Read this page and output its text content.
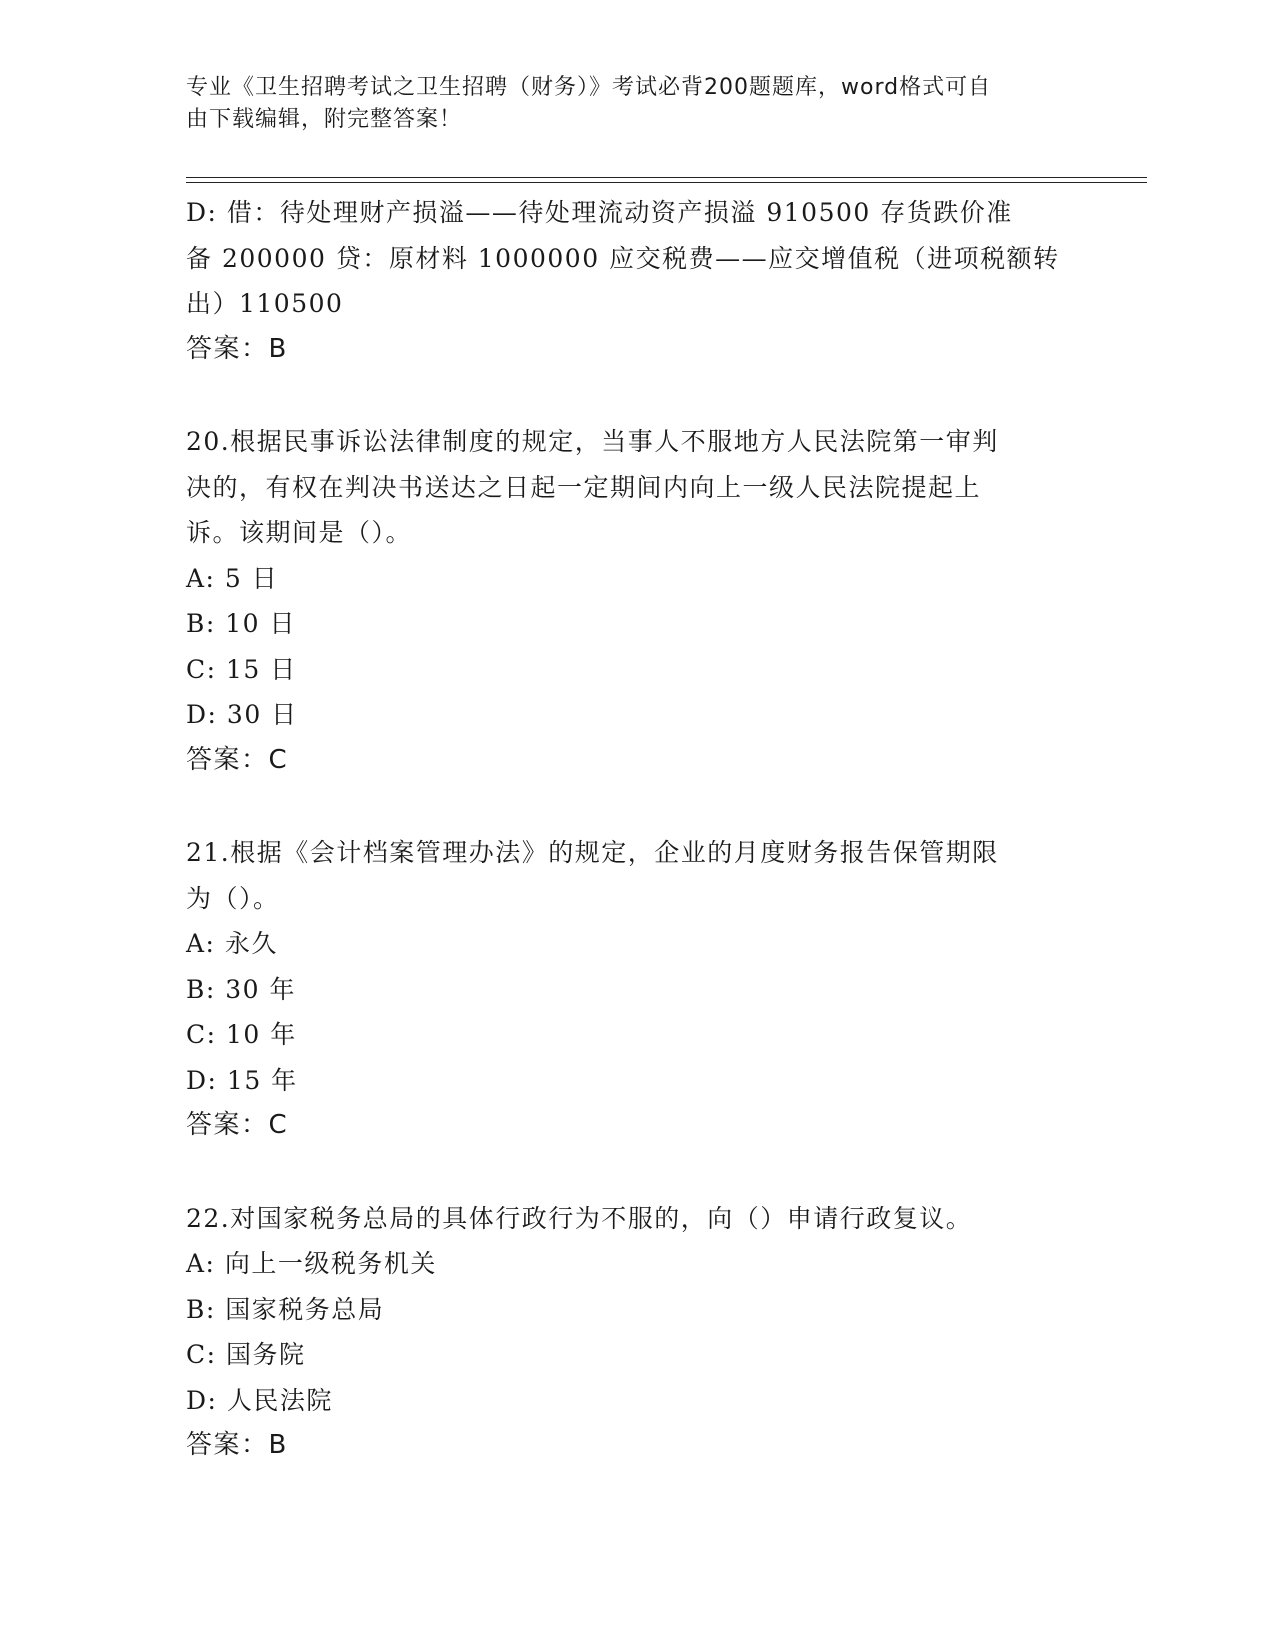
专业《卫生招聘考试之卫生招聘（财务）》考试必背200题题库，word格式可自
由下载编辑，附完整答案！
D: 借：待处理财产损溢——待处理流动资产损溢 910500 存货跌价准
备 200000 贷：原材料 1000000 应交税费——应交增值税（进项税额转
出）110500
答案：B
20.根据民事诉讼法律制度的规定，当事人不服地方人民法院第一审判
决的，有权在判决书送达之日起一定期间内向上一级人民法院提起上
诉。该期间是（）。
A: 5 日
B: 10 日
C: 15 日
D: 30 日
答案：C
21.根据《会计档案管理办法》的规定，企业的月度财务报告保管期限
为（）。
A: 永久
B: 30 年
C: 10 年
D: 15 年
答案：C
22.对国家税务总局的具体行政行为不服的，向（）申请行政复议。
A: 向上一级税务机关
B: 国家税务总局
C: 国务院
D: 人民法院
答案：B
